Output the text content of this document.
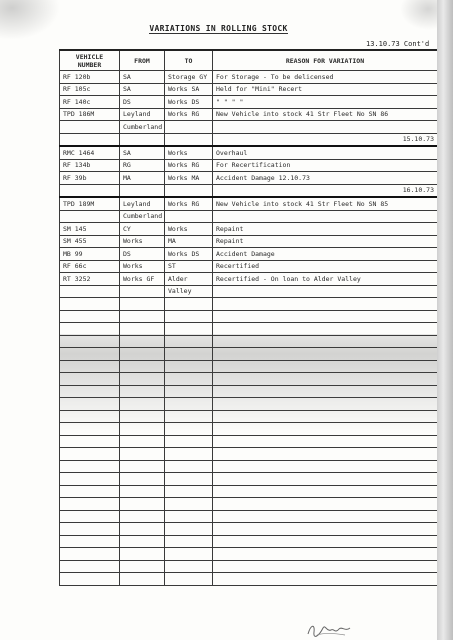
VARIATIONS IN ROLLING STOCK
13.10.73 Cont'd
VEHICLE NUMBER	FROM	TO	REASON FOR VARIATION
RF 120b	SA	Storage GY	For Storage - To be delicensed
RF 105c	SA	Works SA	Held for "Mini" Recert
RF 140c	DS	Works DS	" " " "
TPD 186M	Leyland	Works RG	New Vehicle into stock 41 Str Fleet No SN 86
	Cumberland		
			15.10.73
RMC 1464	SA	Works	Overhaul
RF 134b	RG	Works RG	For Recertification
RF 39b	MA	Works MA	Accident Damage 12.10.73
			16.10.73
TPD 189M	Leyland	Works RG	New Vehicle into stock 41 Str Fleet No SN 85
	Cumberland		
SM 145	CY	Works	Repaint
SM 455	Works	MA	Repaint
MB 99	DS	Works DS	Accident Damage
RF 66c	Works	ST	Recertified
RT 3252	Works GF	Alder	Recertified - On loan to Alder Valley
		Valley	
